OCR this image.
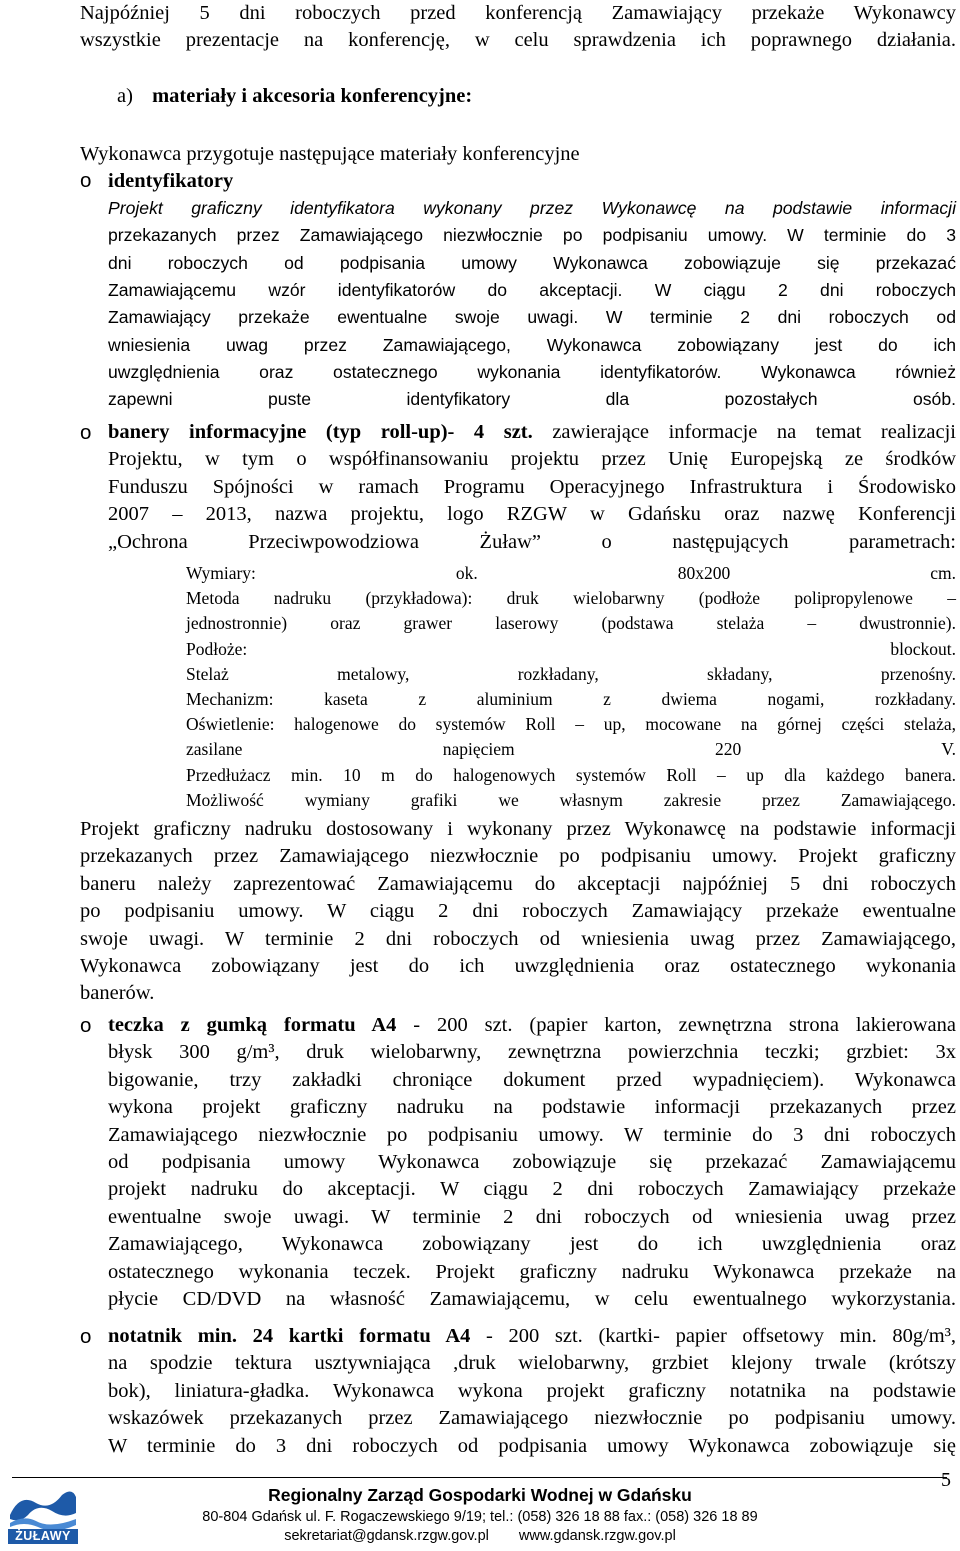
Najpóźniej 5 dni roboczych przed konferencją Zamawiający przekaże Wykonawcy
wszystkie prezentacje na konferencję, w celu sprawdzenia ich poprawnego działania.
a) materiały i akcesoria konferencyjne:
Wykonawca przygotuje następujące materiały konferencyjne
o identyfikatory
Projekt graficzny identyfikatora wykonany przez Wykonawcę na podstawie informacji
przekazanych przez Zamawiającego niezwłocznie po podpisaniu umowy. W terminie do 3
dni roboczych od podpisania umowy Wykonawca zobowiązuje się przekazać
Zamawiającemu wzór identyfikatorów do akceptacji. W ciągu 2 dni roboczych
Zamawiający przekaże ewentualne swoje uwagi. W terminie 2 dni roboczych od
wniesienia uwag przez Zamawiającego, Wykonawca zobowiązany jest do ich
uwzględnienia oraz ostatecznego wykonania identyfikatorów. Wykonawca również
zapewni puste identyfikatory dla pozostałych osób.
o banery informacyjne (typ roll-up)- 4 szt. zawierające informacje na temat realizacji
Projektu, w tym o współfinansowaniu projektu przez Unię Europejską ze środków
Funduszu Spójności w ramach Programu Operacyjnego Infrastruktura i Środowisko
2007 – 2013, nazwa projektu, logo RZGW w Gdańsku oraz nazwę Konferencji
„Ochrona Przeciwpowodziowa Żuław” o następujących parametrach:
Wymiary: ok. 80x200 cm.
Metoda nadruku (przykładowa): druk wielobarwny (podłoże polipropylenowe –
jednostronnie) oraz grawer laserowy (podstawa stelaża – dwustronnie).
Podłoże: blockout.
Stelaż metalowy, rozkładany, składany, przenośny.
Mechanizm: kaseta z aluminium z dwiema nogami, rozkładany.
Oświetlenie: halogenowe do systemów Roll – up, mocowane na górnej części stelaża,
zasilane napięciem 220 V.
Przedłużacz min. 10 m do halogenowych systemów Roll – up dla każdego banera.
Możliwość wymiany grafiki we własnym zakresie przez Zamawiającego.
Projekt graficzny nadruku dostosowany i wykonany przez Wykonawcę na podstawie informacji
przekazanych przez Zamawiającego niezwłocznie po podpisaniu umowy. Projekt graficzny
baneru należy zaprezentować Zamawiającemu do akceptacji najpóźniej 5 dni roboczych
po podpisaniu umowy. W ciągu 2 dni roboczych Zamawiający przekaże ewentualne
swoje uwagi. W terminie 2 dni roboczych od wniesienia uwag przez Zamawiającego,
Wykonawca zobowiązany jest do ich uwzględnienia oraz ostatecznego wykonania
banerów.
o teczka z gumką formatu A4 - 200 szt. (papier karton, zewnętrzna strona lakierowana
błysk 300 g/m³, druk wielobarwny, zewnętrzna powierzchnia teczki; grzbiet: 3x
bigowanie, trzy zakładki chroniące dokument przed wypadnięciem). Wykonawca
wykona projekt graficzny nadruku na podstawie informacji przekazanych przez
Zamawiającego niezwłocznie po podpisaniu umowy. W terminie do 3 dni roboczych
od podpisania umowy Wykonawca zobowiązuje się przekazać Zamawiającemu
projekt nadruku do akceptacji. W ciągu 2 dni roboczych Zamawiający przekaże
ewentualne swoje uwagi. W terminie 2 dni roboczych od wniesienia uwag przez
Zamawiającego, Wykonawca zobowiązany jest do ich uwzględnienia oraz
ostatecznego wykonania teczek. Projekt graficzny nadruku Wykonawca przekaże na
płycie CD/DVD na własność Zamawiającemu, w celu ewentualnego wykorzystania.
o notatnik min. 24 kartki formatu A4 - 200 szt. (kartki- papier offsetowy min. 80g/m³,
na spodzie tektura usztywniająca ,druk wielobarwny, grzbiet klejony trwale (krótszy
bok), liniatura-gładka. Wykonawca wykona projekt graficzny notatnika na podstawie
wskazówek przekazanych przez Zamawiającego niezwłocznie po podpisaniu umowy.
W terminie do 3 dni roboczych od podpisania umowy Wykonawca zobowiązuje się
5
ŻUŁAWY
Regionalny Zarząd Gospodarki Wodnej w Gdańsku
80-804 Gdańsk ul. F. Rogaczewskiego 9/19; tel.: (058) 326 18 88 fax.: (058) 326 18 89
sekretariat@gdansk.rzgw.gov.pl www.gdansk.rzgw.gov.pl
